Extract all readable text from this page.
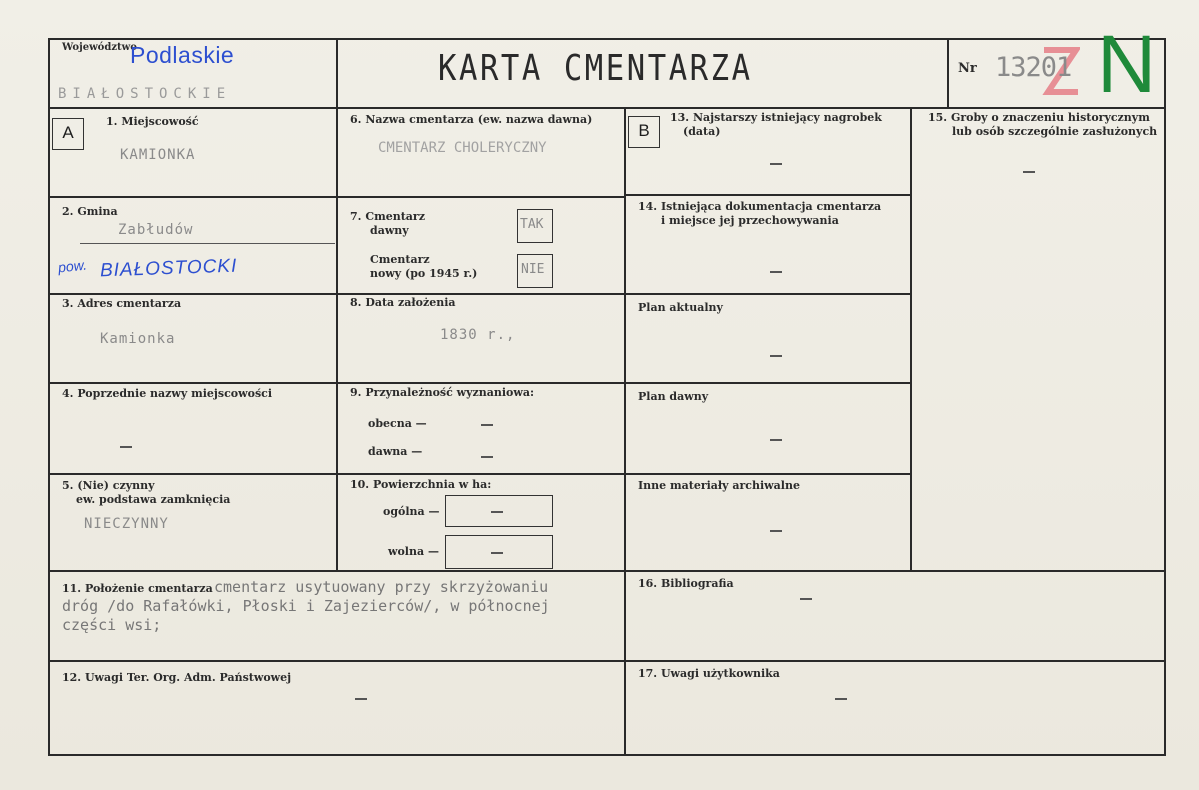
Województwo
Podlaskie
BIAŁOSTOCKIE
KARTA CMENTARZA	Nr 13201 N
A	B
1. Miejscowość
KAMIONKA
2. Gmina
Zabłudów
pow. BIAŁOSTOCKI
3. Adres cmentarza
Kamionka
4. Poprzednie nazwy miejscowości
5. (Nie) czynny
ew. podstawa zamknięcia
NIECZYNNY
6. Nazwa cmentarza (ew. nazwa dawna)
CMENTARZ CHOLERYCZNY
7. Cmentarz
dawny	TAK
Cmentarz
nowy (po 1945 r.)	NIE
8. Data założenia
1830 r.,
9. Przynależność wyznaniowa:
obecna —
dawna —
10. Powierzchnia w ha:
ogólna —
wolna —
13. Najstarszy istniejący nagrobek
(data)
14. Istniejąca dokumentacja cmentarza
i miejsce jej przechowywania
Plan aktualny
Plan dawny
Inne materiały archiwalne
15. Groby o znaczeniu historycznym
lub osób szczególnie zasłużonych
11. Położenie cmentarza cmentarz usytuowany przy skrzyżowaniu
dróg /do Rafałówki, Płoski i Zajezierców/, w północnej
części wsi;
16. Bibliografia
12. Uwagi Ter. Org. Adm. Państwowej	17. Uwagi użytkownika
